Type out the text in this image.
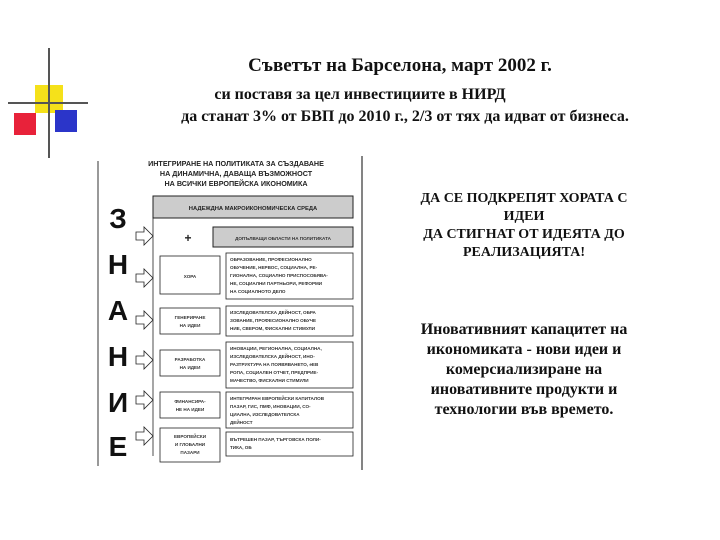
Съветът на Барселона, март 2002 г.
си поставя за цел инвестициите в НИРД
да станат 3% от БВП до 2010 г., 2/3 от тях да идват от бизнеса.
ИНТЕГРИРАНЕ НА ПОЛИТИКАТА ЗА СЪЗДАВАНЕ
НА ДИНАМИЧНА, ДАВАЩА ВЪЗМОЖНОСТ
НА ВСИЧКИ ЕВРОПЕЙСКА ИКОНОМИКА
НАДЕЖДНА МАКРОИКОНОМИЧЕСКА СРЕДА
+	ДОПЪЛВАЩИ ОБЛАСТИ НА ПОЛИТИКАТА
З
Н
А
Н
И
Е
ХОРА
ОБРАЗОВАНИЕ, ПРОФЕСИОНАЛНО
ОБУЧЕНИЕ, НЕРВОС, СОЦИАЛНА, РЕ-
ГИОНАЛНА, СОЦИАЛНО ПРИСПОСОБЯВА-
НЕ, СОЦИАЛНИ ПАРТНЬОРИ, РЕФОРМИ
НА СОЦИАЛНОТО ДЕЛО
ГЕНЕРИРАНЕ
НА ИДЕИ
ИЗСЛЕДОВАТЕЛСКА ДЕЙНОСТ, ОБРА
ЗОВАНИЕ, ПРОФЕСИОНАЛНО ОБУЧЕ
НИЕ, СВЕРОМ, ФИСКАЛНИ СТИМУЛИ
РАЗРАБОТКА
НА ИДЕИ
ИНОВАЦИИ, РЕГИОНАЛНА, СОЦИАЛНА,
ИЗСЛЕДОВАТЕЛСКА ДЕЙНОСТ, ИНО-
РАЗТРУКТУРА НА ПОЯВЯВАНЕТО, еЕВ
РОПА, СОЦИАЛЕН ОТЧЕТ, ПРЕДПРИЕ-
МАЧЕСТВО, ФИСКАЛНИ СТИМУЛИ
ФИНАНСИРА-
НЕ НА ИДЕИ
ИНТЕГРИРАН ЕВРОПЕЙСКИ КАПИТАЛОВ
ПАЗАР, ГИС, ПМФ, ИНОВАЦИИ, СО-
ЦИАЛНА, ИЗСЛЕДОВАТЕЛСКА
ДЕЙНОСТ
ЕВРОПЕЙСКИ
И ГЛОБАЛНИ
ПАЗАРИ
ВЪТРЕШЕН ПАЗАР, ТЪРГОВСКА ПОЛИ-
ТИКА, ОБ
ДА СЕ ПОДКРЕПЯТ ХОРАТА С
ИДЕИ
ДА СТИГНАТ ОТ ИДЕЯТА ДО
РЕАЛИЗАЦИЯТА!
Иновативният капацитет на
икономиката - нови идеи и
комерсиализиране на
иновативните продукти и
технологии във времето.
